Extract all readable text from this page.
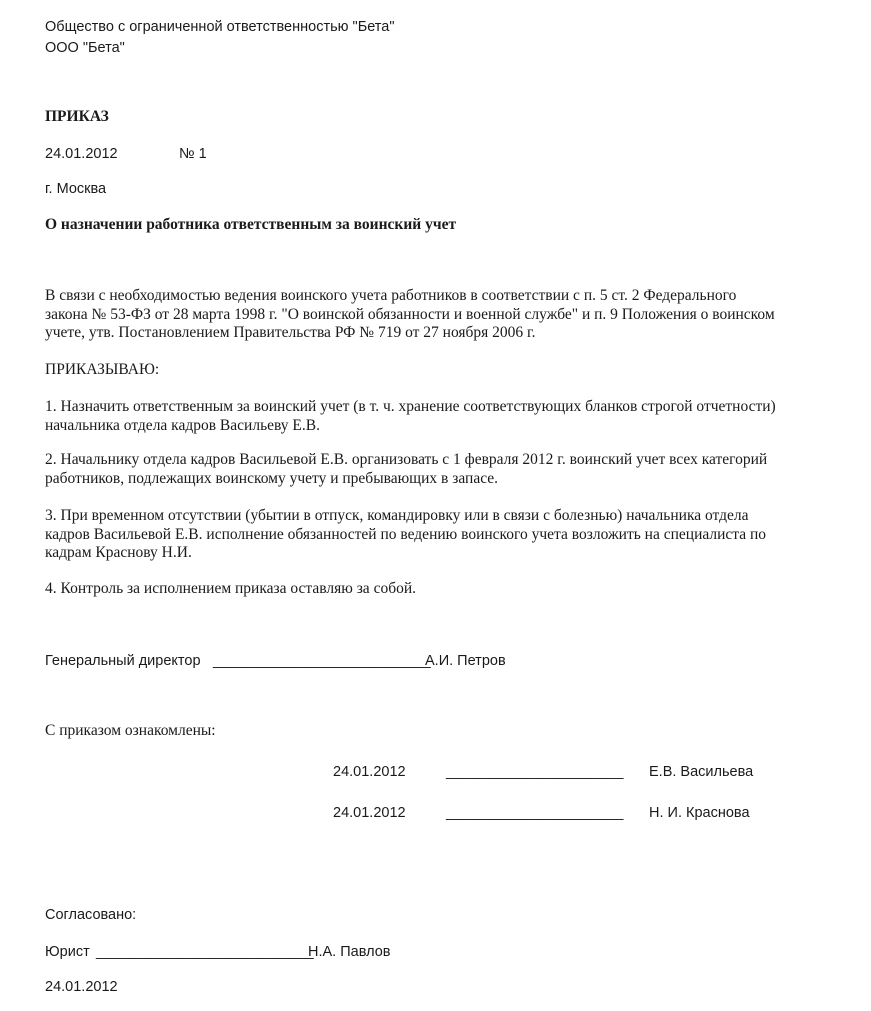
Общество с ограниченной ответственностью "Бета"
ООО "Бета"
ПРИКАЗ
24.01.2012	№ 1
г. Москва
О назначении работника ответственным за воинский учет
В связи с необходимостью ведения воинского учета работников в соответствии с п. 5 ст. 2 Федерального
закона № 53-ФЗ от 28 марта 1998 г. "О воинской обязанности и военной службе" и п. 9 Положения о воинском
учете, утв. Постановлением Правительства РФ № 719 от 27 ноября 2006 г.
ПРИКАЗЫВАЮ:
1. Назначить ответственным за воинский учет (в т. ч. хранение соответствующих бланков строгой отчетности)
начальника отдела кадров Васильеву Е.В.
2. Начальнику отдела кадров Васильевой Е.В. организовать с 1 февраля 2012 г. воинский учет всех категорий
работников, подлежащих воинскому учету и пребывающих в запасе.
3. При временном отсутствии (убытии в отпуск, командировку или в связи с болезнью) начальника отдела
кадров Васильевой Е.В. исполнение обязанностей по ведению воинского учета возложить на специалиста по
кадрам Краснову Н.И.
4. Контроль за исполнением приказа оставляю за собой.
Генеральный директор ___________________________
А.И. Петров
С приказом ознакомлены:
24.01.2012	______________________ Е.В. Васильева
24.01.2012	______________________ Н. И. Краснова
Согласовано:
Юрист ___________________________
Н.А. Павлов
24.01.2012
